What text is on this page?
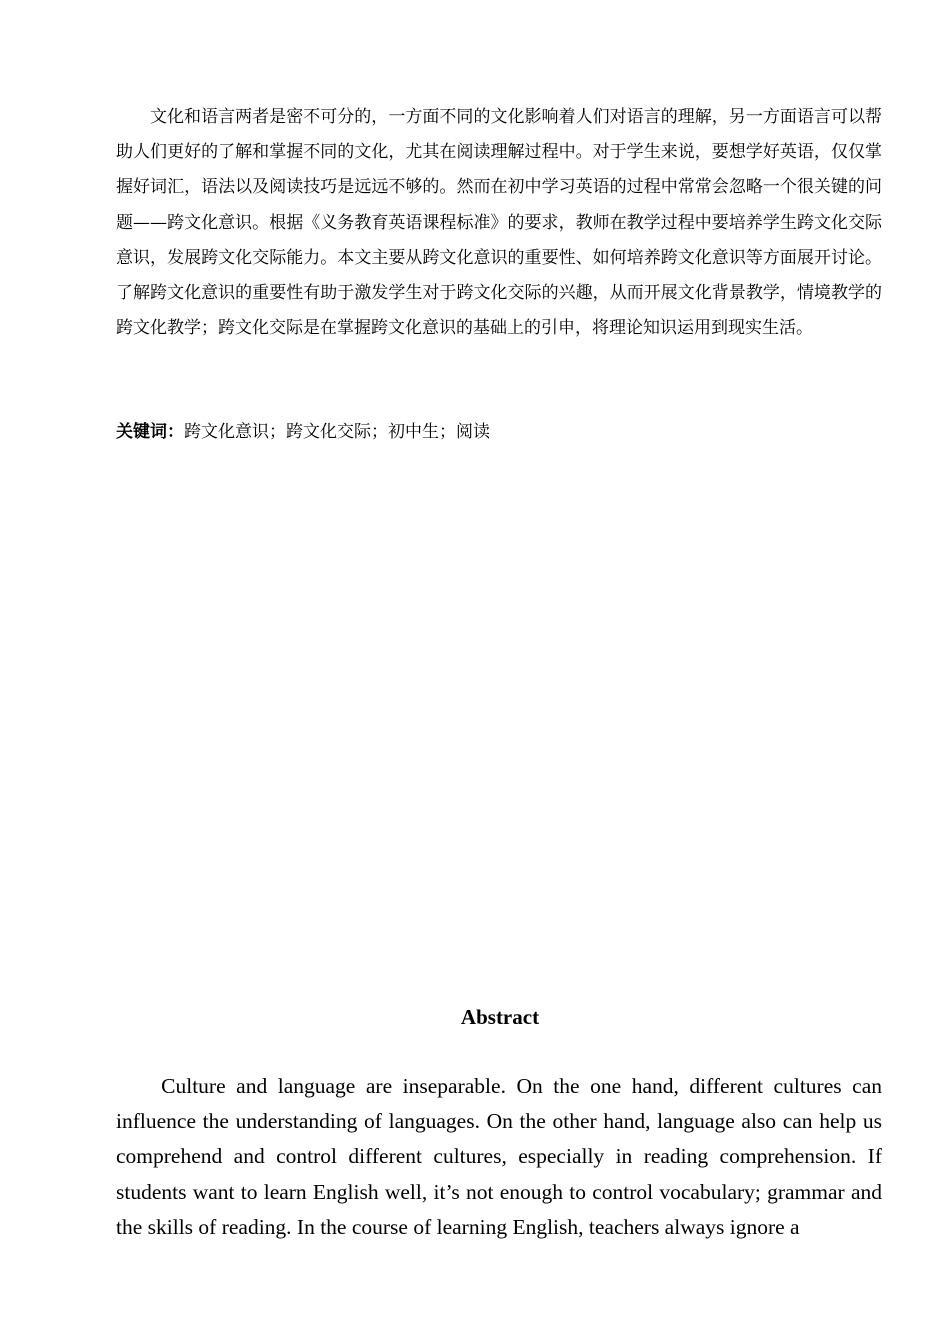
文化和语言两者是密不可分的，一方面不同的文化影响着人们对语言的理解，另一方面语言可以帮助人们更好的了解和掌握不同的文化，尤其在阅读理解过程中。对于学生来说，要想学好英语，仅仅掌握好词汇，语法以及阅读技巧是远远不够的。然而在初中学习英语的过程中常常会忽略一个很关键的问题——跨文化意识。根据《义务教育英语课程标准》的要求，教师在教学过程中要培养学生跨文化交际意识，发展跨文化交际能力。本文主要从跨文化意识的重要性、如何培养跨文化意识等方面展开讨论。了解跨文化意识的重要性有助于激发学生对于跨文化交际的兴趣，从而开展文化背景教学，情境教学的跨文化教学；跨文化交际是在掌握跨文化意识的基础上的引申，将理论知识运用到现实生活。

关键词：跨文化意识；跨文化交际；初中生；阅读

Abstract

Culture and language are inseparable. On the one hand, different cultures can influence the understanding of languages. On the other hand, language also can help us comprehend and control different cultures, especially in reading comprehension. If students want to learn English well, it’s not enough to control vocabulary; grammar and the skills of reading. In the course of learning English, teachers always ignore a
